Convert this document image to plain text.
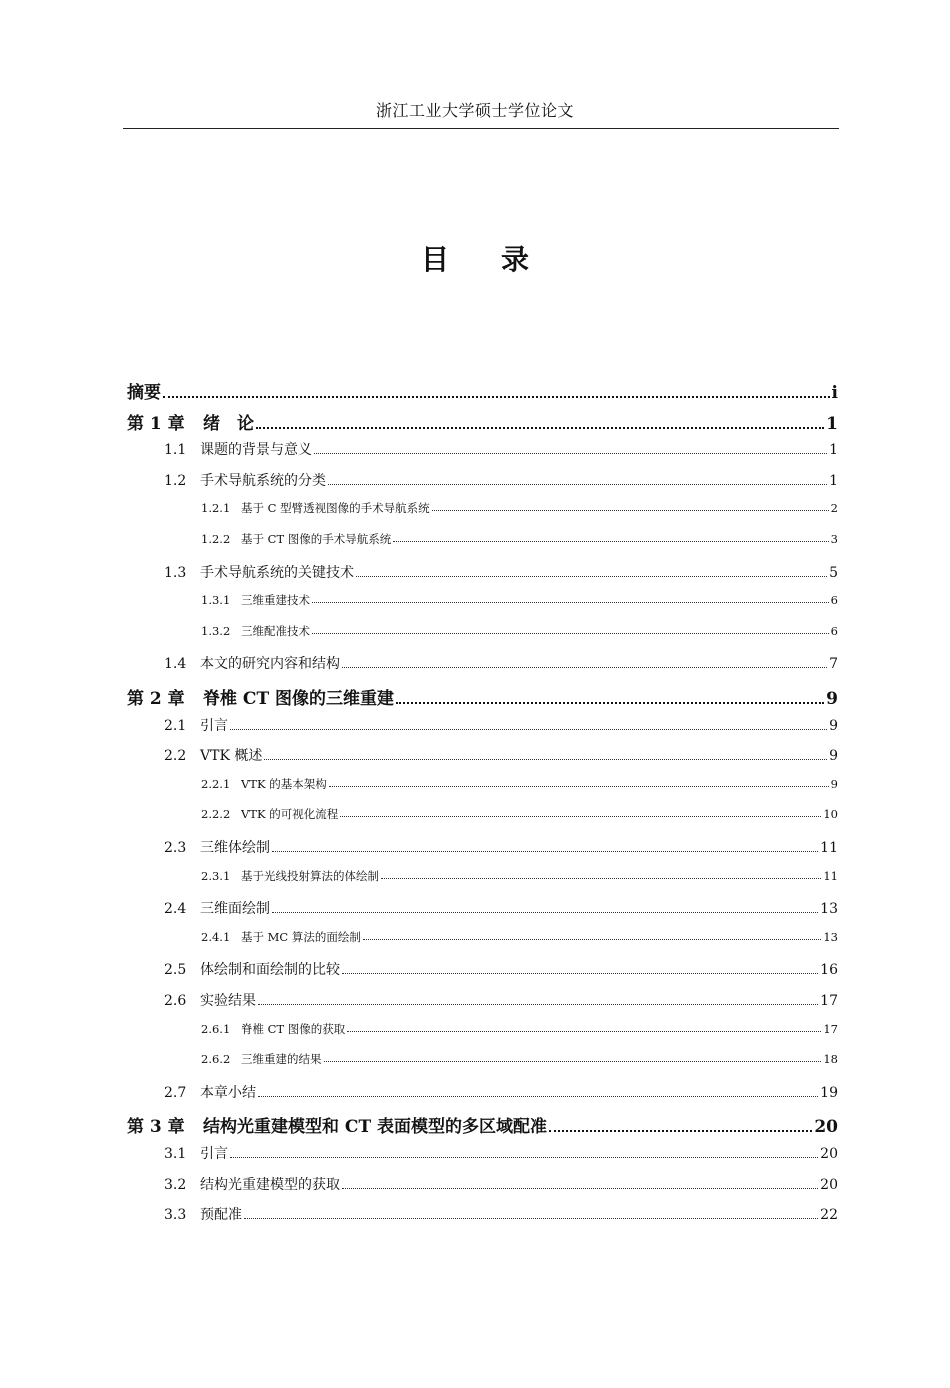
浙江工业大学硕士学位论文
目 录
摘要	i
第 1 章	绪　论	1
1.1 课题的背景与意义	1
1.2 手术导航系统的分类	1
1.2.1 基于 C 型臂透视图像的手术导航系统	2
1.2.2 基于 CT 图像的手术导航系统	3
1.3 手术导航系统的关键技术	5
1.3.1 三维重建技术	6
1.3.2 三维配准技术	6
1.4 本文的研究内容和结构	7
第 2 章	脊椎 CT 图像的三维重建	9
2.1 引言	9
2.2 VTK 概述	9
2.2.1 VTK 的基本架构	9
2.2.2 VTK 的可视化流程	10
2.3 三维体绘制	11
2.3.1 基于光线投射算法的体绘制	11
2.4 三维面绘制	13
2.4.1 基于 MC 算法的面绘制	13
2.5 体绘制和面绘制的比较	16
2.6 实验结果	17
2.6.1 脊椎 CT 图像的获取	17
2.6.2 三维重建的结果	18
2.7 本章小结	19
第 3 章	结构光重建模型和 CT 表面模型的多区域配准	20
3.1 引言	20
3.2 结构光重建模型的获取	20
3.3 预配准	22
